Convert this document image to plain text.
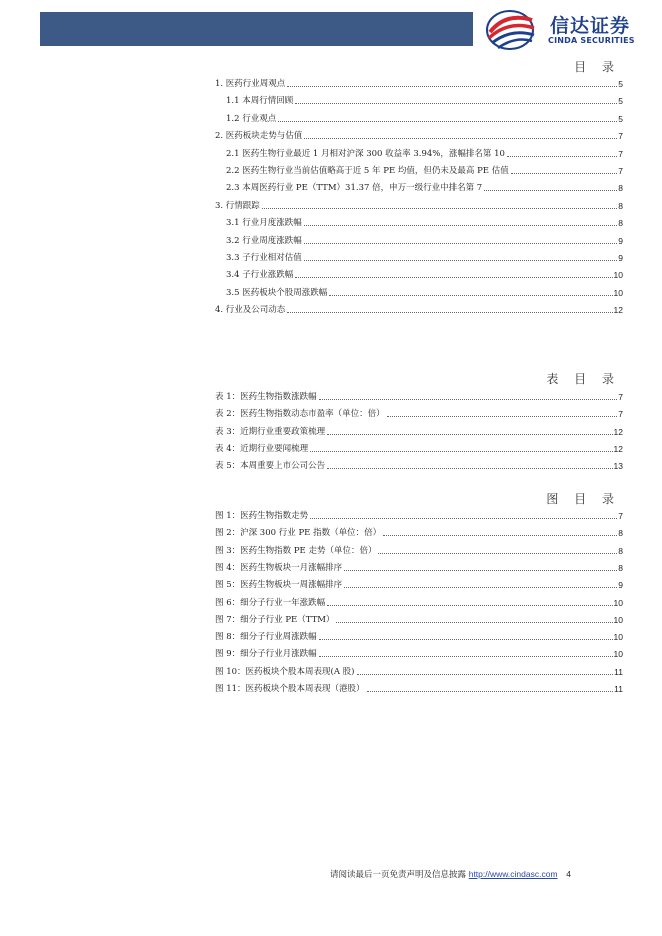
信达证券
CINDA SECURITIES
目 录
1. 医药行业周观点	5
1.1 本周行情回顾	5
1.2 行业观点	5
2. 医药板块走势与估值	7
2.1 医药生物行业最近 1 月相对沪深 300 收益率 3.94%，涨幅排名第 10	7
2.2 医药生物行业当前估值略高于近 5 年 PE 均值，但仍未及最高 PE 估值	7
2.3 本周医药行业 PE（TTM）31.37 倍，申万一级行业中排名第 7	8
3. 行情跟踪	8
3.1 行业月度涨跌幅	8
3.2 行业周度涨跌幅	9
3.3 子行业相对估值	9
3.4 子行业涨跌幅	10
3.5 医药板块个股周涨跌幅	10
4. 行业及公司动态	12
表 目 录
表 1：医药生物指数涨跌幅	7
表 2：医药生物指数动态市盈率（单位：倍）	7
表 3：近期行业重要政策梳理	12
表 4：近期行业要闻梳理	12
表 5：本周重要上市公司公告	13
图 目 录
图 1：医药生物指数走势	7
图 2：沪深 300 行业 PE 指数（单位：倍）	8
图 3：医药生物指数 PE 走势（单位：倍）	8
图 4：医药生物板块一月涨幅排序	8
图 5：医药生物板块一周涨幅排序	9
图 6：细分子行业一年涨跌幅	10
图 7：细分子行业 PE（TTM）	10
图 8：细分子行业周涨跌幅	10
图 9：细分子行业月涨跌幅	10
图 10：医药板块个股本周表现(A 股)	11
图 11：医药板块个股本周表现（港股）	11
请阅读最后一页免责声明及信息披露 http://www.cindasc.com 4
